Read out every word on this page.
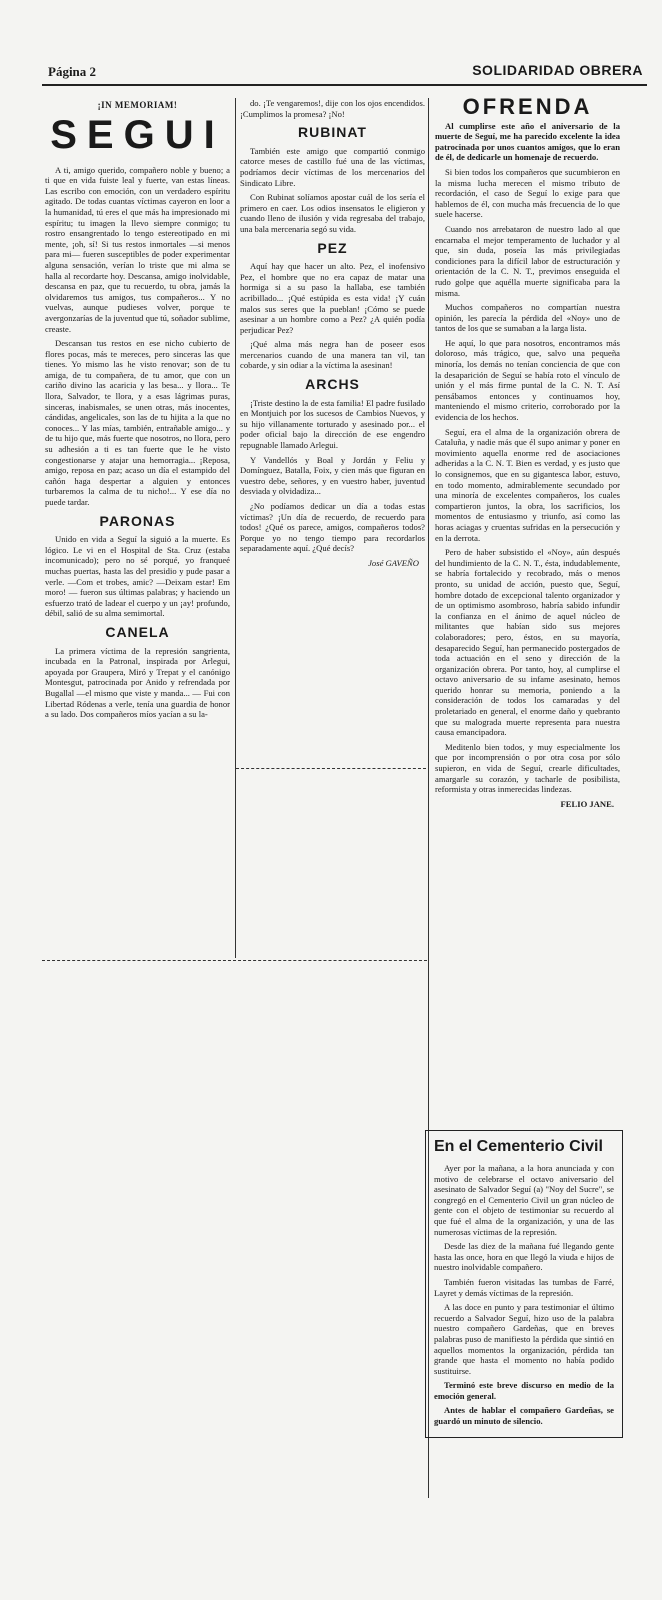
Página 2	SOLIDARIDAD OBRERA
¡IN MEMORIAM!
SEGUI

A ti, amigo querido, compañero noble y bueno; a ti que en vida fuiste leal y fuerte, van estas líneas. Las escribo con emoción, con un verdadero espíritu agitado. De todas cuantas víctimas cayeron en loor a la humanidad, tú eres el que más ha impresionado mi espíritu; tu imagen la llevo siempre conmigo; tu rostro ensangrentado lo tengo estereotipado en mi mente, ¡oh, sí! Si tus restos inmortales —si menos para mi— fueren susceptibles de poder experimentar alguna sensación, verían lo triste que mi alma se halla al recordarte hoy. Descansa, amigo inolvidable, descansa en paz, que tu recuerdo, tu obra, jamás la olvidaremos tus amigos, tus compañeros... Y no vuelvas, aunque pudieses volver, porque te avergonzarías de la juventud que tú, soñador sublime, creaste.

Descansan tus restos en ese nicho cubierto de flores pocas, más te mereces, pero sinceras las que tienes. Yo mismo las he visto renovar; son de tu amiga, de tu compañera, de tu amor, que con un cariño divino las acaricia y las besa... y llora... Te llora, Salvador, te llora, y a esas lágrimas puras, sinceras, inabismales, se unen otras, más inocentes, cándidas, angelicales, son las de tu hijita a la que no conoces... Y las mías, también, entrañable amigo... y de tu hijo que, más fuerte que nosotros, no llora, pero su adhesión a ti es tan fuerte que le he visto congestionarse y atajar una hemorragia... ¡Reposa, amigo, reposa en paz; acaso un día el estampido del cañón haga despertar a alguien y entonces turbaremos la calma de tu nicho!... Y ese día no puede tardar.

PARONAS

Unido en vida a Seguí la siguió a la muerte. Es lógico. Le vi en el Hospital de Sta. Cruz (estaba incomunicado); pero no sé porqué, yo franqueé muchas puertas, hasta las del presidio y pude pasar a verle. —Com et trobes, amic? —Deixam estar! Em moro! — fueron sus últimas palabras; y haciendo un esfuerzo trató de ladear el cuerpo y un ¡ay! profundo, débil, salió de su alma semimortal.

CANELA

La primera víctima de la represión sangrienta, incubada en la Patronal, inspirada por Arlegui, apoyada por Graupera, Miró y Trepat y el canónigo Montesgut, patrocinada por Anido y refrendada por Bugallal —el mismo que viste y manda... — Fui con Libertad Ródenas a verle, tenía una guardia de honor a su lado. Dos compañeros míos yacían a su la-

do. ¡Te vengaremos!, dije con los ojos encendidos. ¡Cumplimos la promesa? ¡No!

RUBINAT

También este amigo que compartió conmigo catorce meses de castillo fué una de las víctimas, podríamos decir víctimas de los mercenarios del Sindicato Libre.

Con Rubinat solíamos apostar cuál de los sería el primero en caer. Los odios insensatos le eligieron y cuando lleno de ilusión y vida regresaba del trabajo, una bala mercenaria segó su vida.

PEZ

Aquí hay que hacer un alto. Pez, el inofensivo Pez, el hombre que no era capaz de matar una hormiga si a su paso la hallaba, ese también acribillado... ¡Qué estúpida es esta vida! ¡Y cuán malos sus seres que la pueblan! ¡Cómo se puede asesinar a un hombre como a Pez? ¿A quién podía perjudicar Pez?

¡Qué alma más negra han de poseer esos mercenarios cuando de una manera tan vil, tan cobarde, y sin odiar a la víctima la asesinan!

ARCHS

¡Triste destino la de esta familia! El padre fusilado en Montjuich por los sucesos de Cambios Nuevos, y su hijo villanamente torturado y asesinado por... el poder oficial bajo la dirección de ese engendro repugnable llamado Arlegui.

Y Vandellós y Boal y Jordán y Feliu y Domínguez, Batalla, Foix, y cien más que figuran en vuestro debe, señores, y en vuestro haber, juventud desviada y olvidadiza...

¿No podíamos dedicar un día a todas estas víctimas? ¡Un día de recuerdo, de recuerdo para todos! ¿Qué os parece, amigos, compañeros todos? Porque yo no tengo tiempo para recordarlos separadamente aquí. ¿Qué decís?

José GAVEÑO

OFRENDA

Al cumplirse este año el aniversario de la muerte de Seguí, me ha parecido excelente la idea patrocinada por unos cuantos amigos, que lo eran de él, de dedicarle un homenaje de recuerdo.

Si bien todos los compañeros que sucumbieron en la misma lucha merecen el mismo tributo de recordación, el caso de Seguí lo exige para que hablemos de él, con mucha más frecuencia de lo que suele hacerse.

Cuando nos arrebataron de nuestro lado al que encarnaba el mejor temperamento de luchador y al que, sin duda, poseía las más privilegiadas condiciones para la difícil labor de estructuración y orientación de la C. N. T., previmos enseguida el rudo golpe que aquélla muerte significaba para la misma.

Muchos compañeros no compartían nuestra opinión, les parecía la pérdida del «Noy» uno de tantos de los que se sumaban a la larga lista.

He aquí, lo que para nosotros, encontramos más doloroso, más trágico, que, salvo una pequeña minoría, los demás no tenían conciencia de que con la desaparición de Seguí se había roto el vínculo de unión y el más firme puntal de la C. N. T. Así pensábamos entonces y continuamos hoy, manteniendo el mismo criterio, corroborado por la evidencia de los hechos.

Seguí, era el alma de la organización obrera de Cataluña, y nadie más que él supo animar y poner en movimiento aquella enorme red de asociaciones adheridas a la C. N. T. Bien es verdad, y es justo que lo consignemos, que en su gigantesca labor, estuvo, en todo momento, admirablemente secundado por una minoría de excelentes compañeros, los cuales compartieron juntos, la obra, los sacrificios, los momentos de entusiasmo y triunfo, así como las horas aciagas y cruentas sufridas en la persecución y en la derrota.

Pero de haber subsistido el «Noy», aún después del hundimiento de la C. N. T., ésta, indudablemente, se habría fortalecido y recobrado, más o menos pronto, su unidad de acción, puesto que, Seguí, hombre dotado de excepcional talento organizador y de un optimismo asombroso, habría sabido infundir la confianza en el ánimo de aquel núcleo de militantes que habían sido sus mejores colaboradores; pero, éstos, en su mayoría, desaparecido Seguí, han permanecido postergados de toda actuación en el seno y dirección de la organización obrera. Por tanto, hoy, al cumplirse el octavo aniversario de su infame asesinato, hemos querido honrar su memoria, poniendo a la consideración de todos los camaradas y del proletariado en general, el enorme daño y quebranto que su malograda muerte representa para nuestra causa emancipadora.

Meditenlo bien todos, y muy especialmente los que por incomprensión o por otra cosa por sólo supieron, en vida de Seguí, crearle dificultades, amargarle su corazón, y tacharle de posibilista, reformista y otras inmerecidas lindezas.

FELIO JANE.

En el Cementerio Civil

Ayer por la mañana, a la hora anunciada y con motivo de celebrarse el octavo aniversario del asesinato de Salvador Seguí (a) "Noy del Sucre", se congregó en el Cementerio Civil un gran núcleo de gente con el objeto de testimoniar su recuerdo al que fué el alma de la organización, y una de las numerosas víctimas de la represión.

Desde las diez de la mañana fué llegando gente hasta las once, hora en que llegó la viuda e hijos de nuestro inolvidable compañero.

También fueron visitadas las tumbas de Farré, Layret y demás víctimas de la represión.

A las doce en punto y para testimoniar el último recuerdo a Salvador Seguí, hizo uso de la palabra nuestro compañero Gardeñas, que en breves palabras puso de manifiesto la pérdida que sintió en aquellos momentos la organización, pérdida tan grande que hasta el momento no había podido sustituirse.

Terminó este breve discurso en medio de la emoción general.

Antes de hablar el compañero Gardeñas, se guardó un minuto de silencio.
